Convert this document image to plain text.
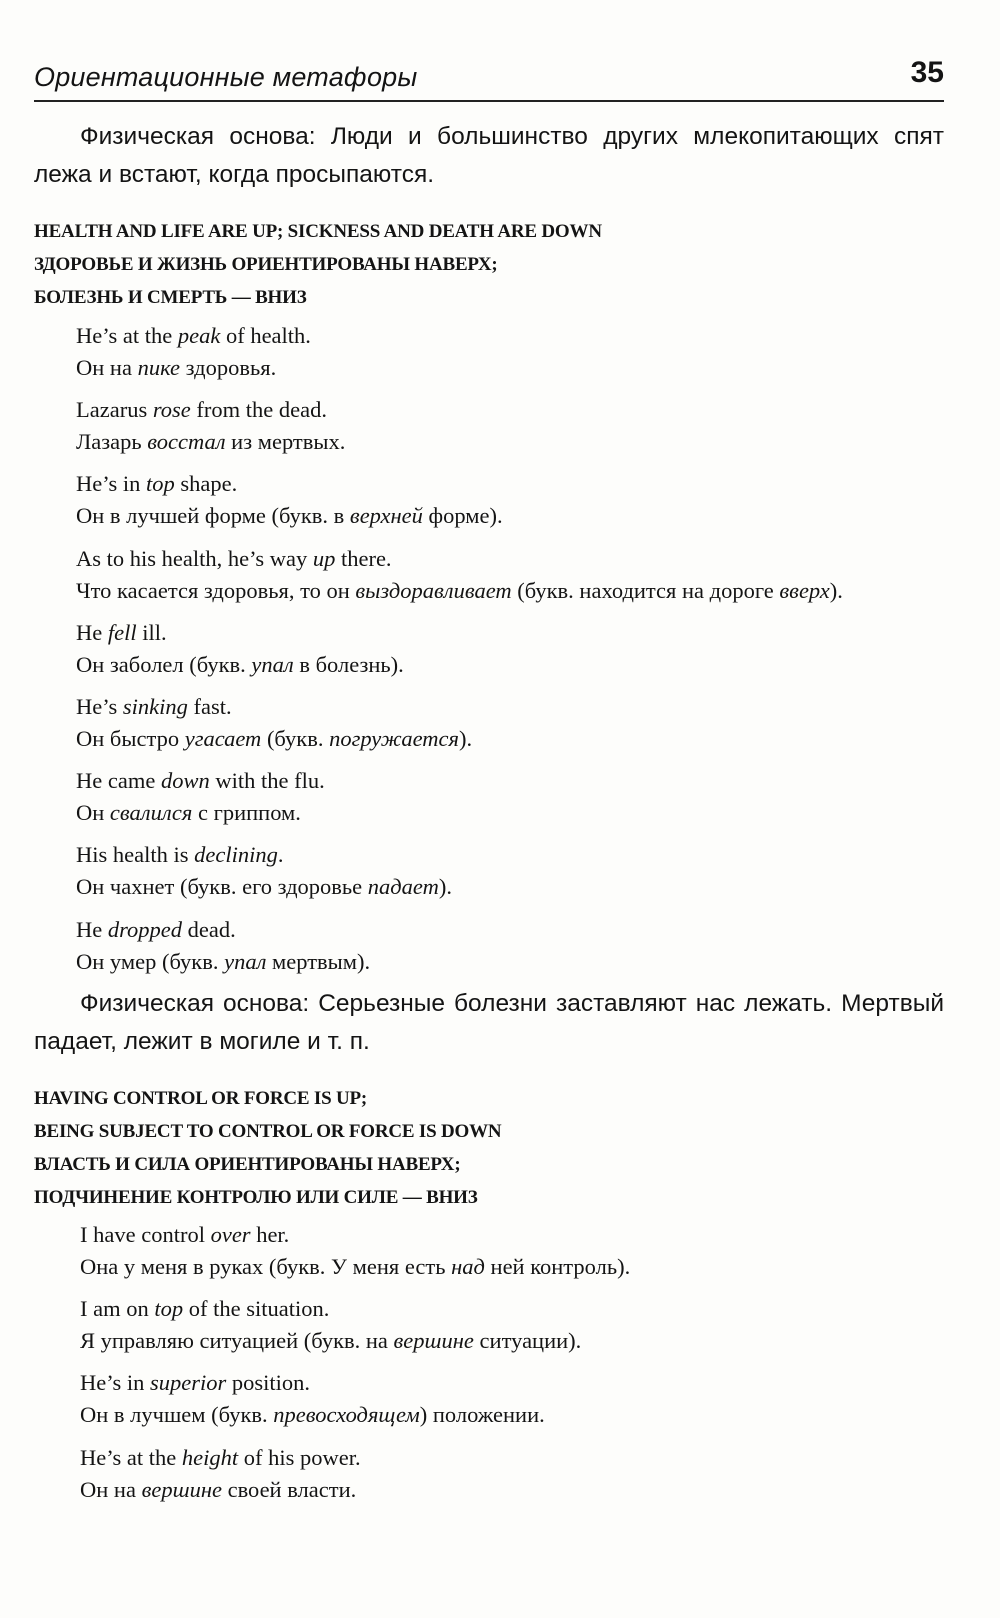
Ориентационные метафоры	35

Физическая основа: Люди и большинство других млекопитающих спят лежа и встают, когда просыпаются.

HEALTH AND LIFE ARE UP; SICKNESS AND DEATH ARE DOWN
ЗДОРОВЬЕ И ЖИЗНЬ ОРИЕНТИРОВАНЫ НАВЕРХ;
БОЛЕЗНЬ И СМЕРТЬ — ВНИЗ
He’s at the peak of health.
Он на пике здоровья.
Lazarus rose from the dead.
Лазарь восстал из мертвых.
He’s in top shape.
Он в лучшей форме (букв. в верхней форме).
As to his health, he’s way up there.
Что касается здоровья, то он выздоравливает (букв. находится на дороге вверх).
He fell ill.
Он заболел (букв. упал в болезнь).
He’s sinking fast.
Он быстро угасает (букв. погружается).
He came down with the flu.
Он свалился с гриппом.
His health is declining.
Он чахнет (букв. его здоровье падает).
He dropped dead.
Он умер (букв. упал мертвым).

Физическая основа: Серьезные болезни заставляют нас лежать. Мертвый падает, лежит в могиле и т. п.

HAVING CONTROL OR FORCE IS UP;
BEING SUBJECT TO CONTROL OR FORCE IS DOWN
ВЛАСТЬ И СИЛА ОРИЕНТИРОВАНЫ НАВЕРХ;
ПОДЧИНЕНИЕ КОНТРОЛЮ ИЛИ СИЛЕ — ВНИЗ
I have control over her.
Она у меня в руках (букв. У меня есть над ней контроль).
I am on top of the situation.
Я управляю ситуацией (букв. на вершине ситуации).
He’s in superior position.
Он в лучшем (букв. превосходящем) положении.
He’s at the height of his power.
Он на вершине своей власти.
